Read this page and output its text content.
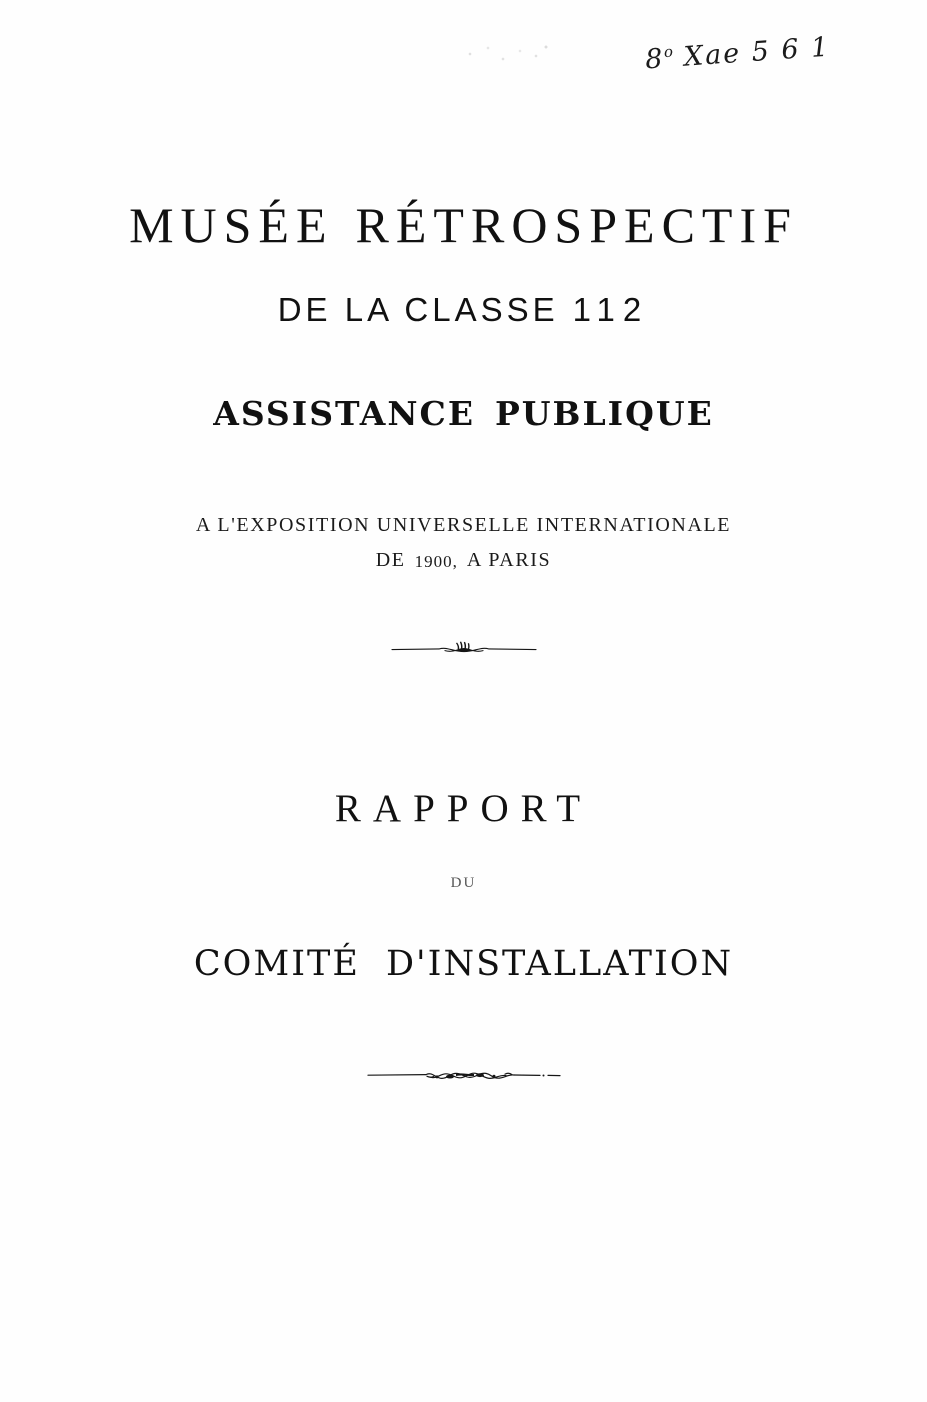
8$^o$ Xae 5 6 1
MUSÉE RÉTROSPECTIF
DE LA CLASSE 112
ASSISTANCE PUBLIQUE
A L'EXPOSITION UNIVERSELLE INTERNATIONALE
DE 1900, A PARIS
RAPPORT
DU
COMITÉ D'INSTALLATION
